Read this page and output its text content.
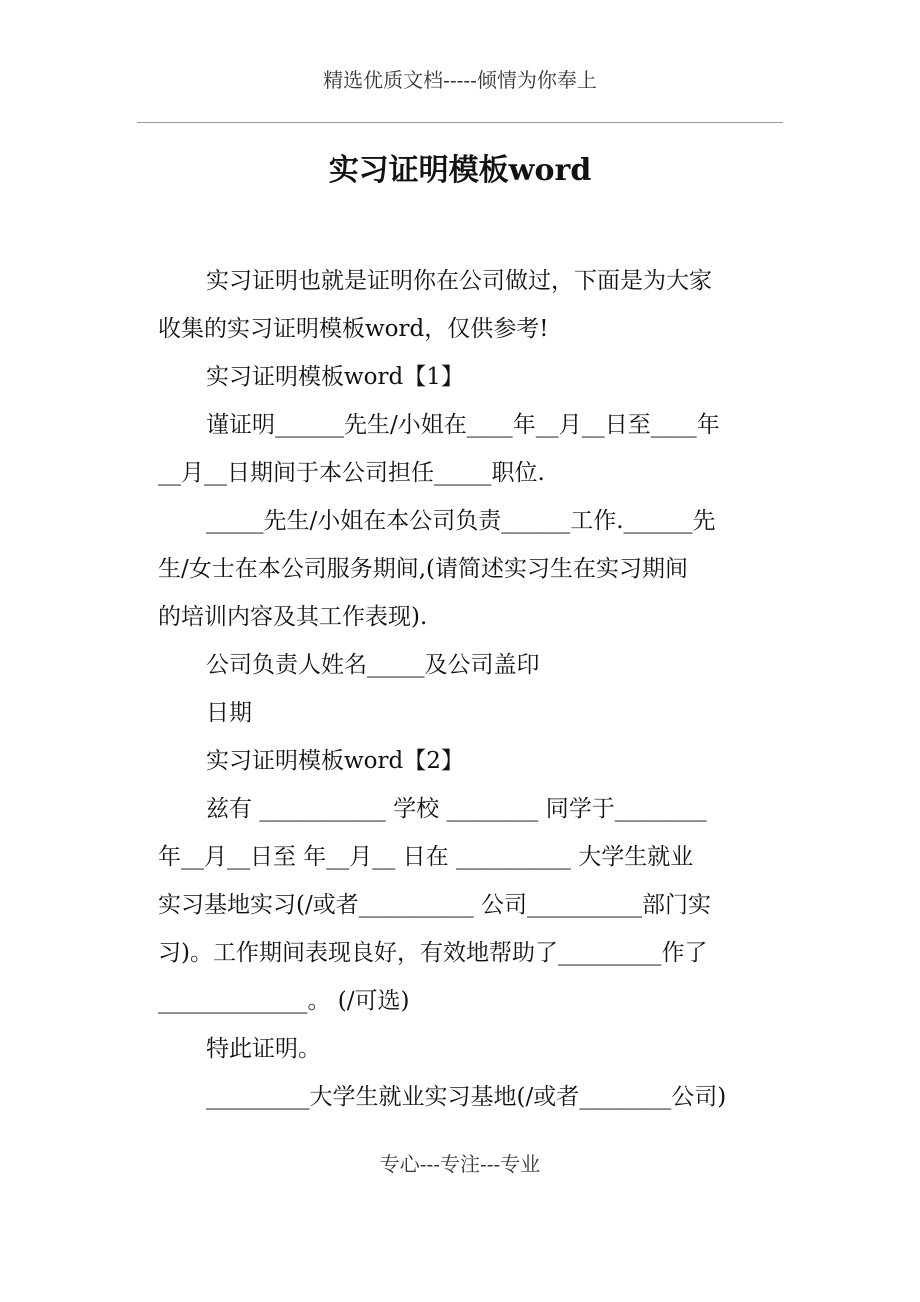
精选优质文档-----倾情为你奉上
实习证明模板word
实习证明也就是证明你在公司做过，下面是为大家
收集的实习证明模板word，仅供参考!
实习证明模板word【1】
谨证明______先生/小姐在____年__月__日至____年
__月__日期间于本公司担任_____职位.
_____先生/小姐在本公司负责______工作.______先
生/女士在本公司服务期间,(请简述实习生在实习期间
的培训内容及其工作表现).
公司负责人姓名_____及公司盖印
日期
实习证明模板word【2】
兹有 ___________ 学校 ________ 同学于________
年__月__日至 年__月__ 日在 __________ 大学生就业
实习基地实习(/或者__________ 公司__________部门实
习)。工作期间表现良好，有效地帮助了_________作了
_____________。 (/可选)
特此证明。
_________大学生就业实习基地(/或者________公司)
专心---专注---专业
